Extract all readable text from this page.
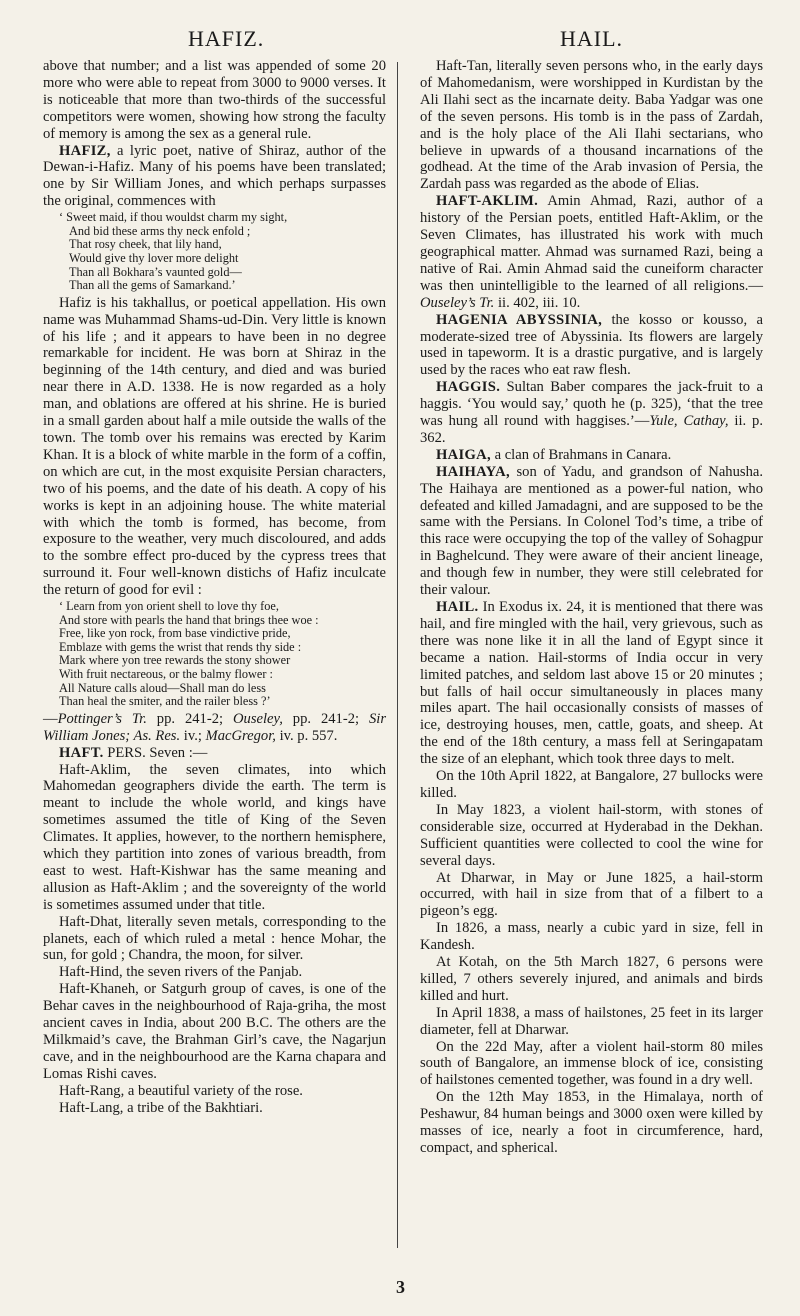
HAFIZ.	HAIL.

above that number; and a list was appended of some 20 more who were able to repeat from 3000 to 9000 verses. It is noticeable that more than two-thirds of the successful competitors were women, showing how strong the faculty of memory is among the sex as a general rule.

HAFIZ, a lyric poet, native of Shiraz, author of the Dewan-i-Hafiz. Many of his poems have been translated; one by Sir William Jones, and which perhaps surpasses the original, commences with

‘ Sweet maid, if thou wouldst charm my sight,
And bid these arms thy neck enfold ;
That rosy cheek, that lily hand,
Would give thy lover more delight
Than all Bokhara’s vaunted gold—
Than all the gems of Samarkand.’

Hafiz is his takhallus, or poetical appellation. His own name was Muhammad Shams-ud-Din. Very little is known of his life ; and it appears to have been in no degree remarkable for incident. He was born at Shiraz in the beginning of the 14th century, and died and was buried near there in A.D. 1338. He is now regarded as a holy man, and oblations are offered at his shrine. He is buried in a small garden about half a mile outside the walls of the town. The tomb over his remains was erected by Karim Khan. It is a block of white marble in the form of a coffin, on which are cut, in the most exquisite Persian characters, two of his poems, and the date of his death. A copy of his works is kept in an adjoining house. The white material with which the tomb is formed, has become, from exposure to the weather, very much discoloured, and adds to the sombre effect pro-duced by the cypress trees that surround it. Four well-known distichs of Hafiz inculcate the return of good for evil :

‘ Learn from yon orient shell to love thy foe,
And store with pearls the hand that brings thee woe :
Free, like yon rock, from base vindictive pride,
Emblaze with gems the wrist that rends thy side :
Mark where yon tree rewards the stony shower
With fruit nectareous, or the balmy flower :
All Nature calls aloud—Shall man do less
Than heal the smiter, and the railer bless ?’

—Pottinger’s Tr. pp. 241-2; Ouseley, pp. 241-2; Sir William Jones; As. Res. iv.; MacGregor, iv. p. 557.

HAFT. PERS. Seven :—

Haft-Aklim, the seven climates, into which Mahomedan geographers divide the earth. The term is meant to include the whole world, and kings have sometimes assumed the title of King of the Seven Climates. It applies, however, to the northern hemisphere, which they partition into zones of various breadth, from east to west. Haft-Kishwar has the same meaning and allusion as Haft-Aklim ; and the sovereignty of the world is sometimes assumed under that title.

Haft-Dhat, literally seven metals, corresponding to the planets, each of which ruled a metal : hence Mohar, the sun, for gold ; Chandra, the moon, for silver.

Haft-Hind, the seven rivers of the Panjab.

Haft-Khaneh, or Satgurh group of caves, is one of the Behar caves in the neighbourhood of Raja-griha, the most ancient caves in India, about 200 B.C. The others are the Milkmaid’s cave, the Brahman Girl’s cave, the Nagarjun cave, and in the neighbourhood are the Karna chapara and Lomas Rishi caves.

Haft-Rang, a beautiful variety of the rose.

Haft-Lang, a tribe of the Bakhtiari.

Haft-Tan, literally seven persons who, in the early days of Mahomedanism, were worshipped in Kurdistan by the Ali Ilahi sect as the incarnate deity. Baba Yadgar was one of the seven persons. His tomb is in the pass of Zardah, and is the holy place of the Ali Ilahi sectarians, who believe in upwards of a thousand incarnations of the godhead. At the time of the Arab invasion of Persia, the Zardah pass was regarded as the abode of Elias.

HAFT-AKLIM. Amin Ahmad, Razi, author of a history of the Persian poets, entitled Haft-Aklim, or the Seven Climates, has illustrated his work with much geographical matter. Ahmad was surnamed Razi, being a native of Rai. Amin Ahmad said the cuneiform character was then unintelligible to the learned of all religions.—Ouseley’s Tr. ii. 402, iii. 10.

HAGENIA ABYSSINIA, the kosso or kousso, a moderate-sized tree of Abyssinia. Its flowers are largely used in tapeworm. It is a drastic purgative, and is largely used by the races who eat raw flesh.

HAGGIS. Sultan Baber compares the jack-fruit to a haggis. ‘You would say,’ quoth he (p. 325), ‘that the tree was hung all round with haggises.’—Yule, Cathay, ii. p. 362.

HAIGA, a clan of Brahmans in Canara.

HAIHAYA, son of Yadu, and grandson of Nahusha. The Haihaya are mentioned as a power-ful nation, who defeated and killed Jamadagni, and are supposed to be the same with the Persians. In Colonel Tod’s time, a tribe of this race were occupying the top of the valley of Sohagpur in Baghelcund. They were aware of their ancient lineage, and though few in number, they were still celebrated for their valour.

HAIL. In Exodus ix. 24, it is mentioned that there was hail, and fire mingled with the hail, very grievous, such as there was none like it in all the land of Egypt since it became a nation. Hail-storms of India occur in very limited patches, and seldom last above 15 or 20 minutes ; but falls of hail occur simultaneously in places many miles apart. The hail occasionally consists of masses of ice, destroying houses, men, cattle, goats, and sheep. At the end of the 18th century, a mass fell at Seringapatam the size of an elephant, which took three days to melt.

On the 10th April 1822, at Bangalore, 27 bullocks were killed.

In May 1823, a violent hail-storm, with stones of considerable size, occurred at Hyderabad in the Dekhan. Sufficient quantities were collected to cool the wine for several days.

At Dharwar, in May or June 1825, a hail-storm occurred, with hail in size from that of a filbert to a pigeon’s egg.

In 1826, a mass, nearly a cubic yard in size, fell in Kandesh.

At Kotah, on the 5th March 1827, 6 persons were killed, 7 others severely injured, and animals and birds killed and hurt.

In April 1838, a mass of hailstones, 25 feet in its larger diameter, fell at Dharwar.

On the 22d May, after a violent hail-storm 80 miles south of Bangalore, an immense block of ice, consisting of hailstones cemented together, was found in a dry well.

On the 12th May 1853, in the Himalaya, north of Peshawur, 84 human beings and 3000 oxen were killed by masses of ice, nearly a foot in circumference, hard, compact, and spherical.

3
